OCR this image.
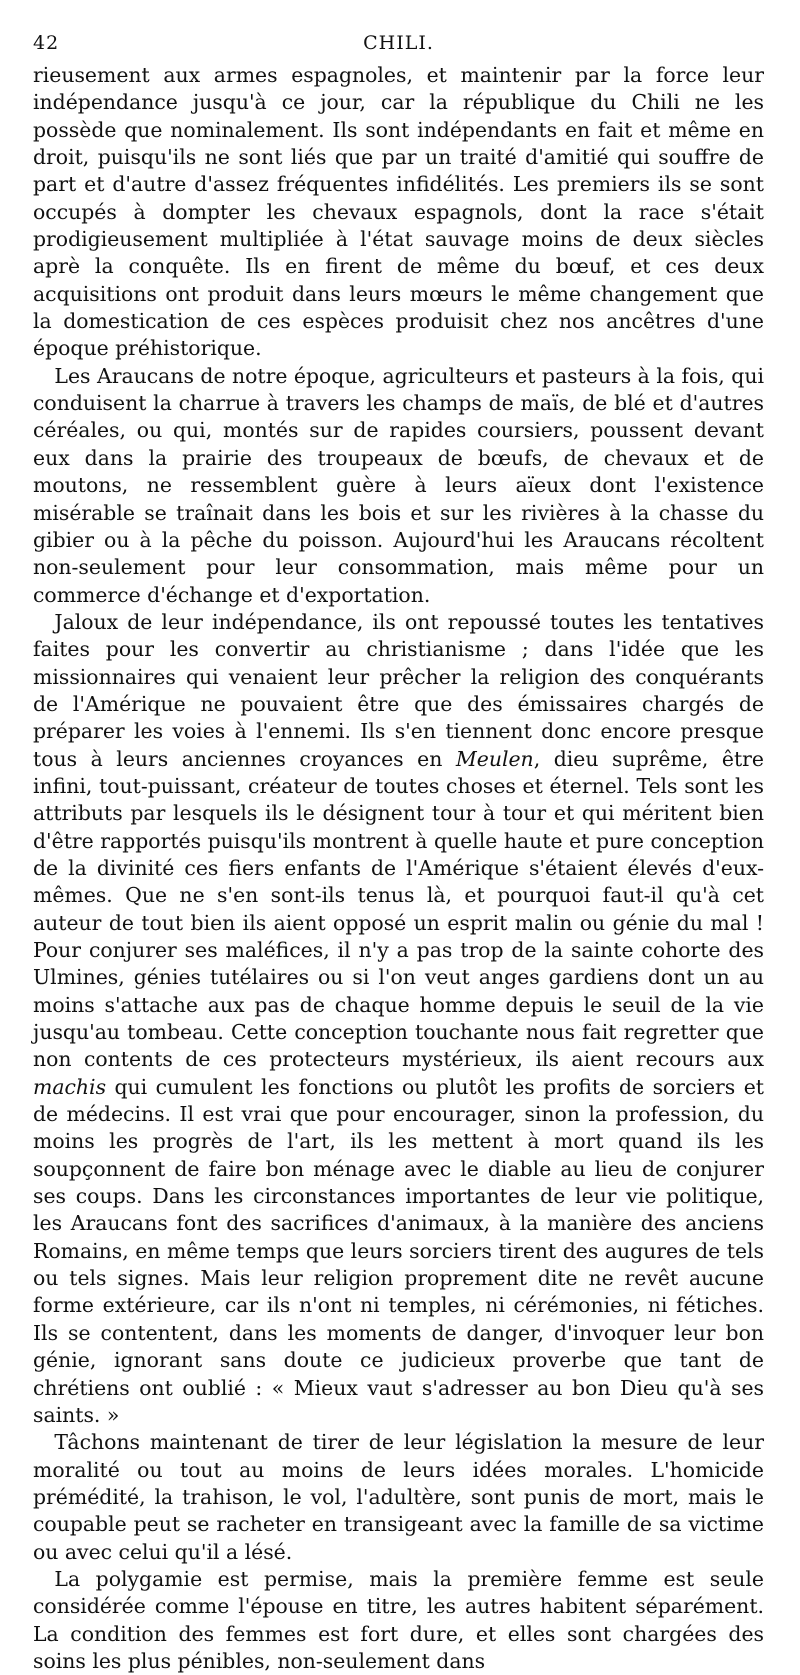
42	CHILI.

rieusement aux armes espagnoles, et maintenir par la force leur indépendance jusqu'à ce jour, car la république du Chili ne les possède que nominalement. Ils sont indépendants en fait et même en droit, puisqu'ils ne sont liés que par un traité d'amitié qui souffre de part et d'autre d'assez fréquentes infidélités. Les premiers ils se sont occupés à dompter les chevaux espagnols, dont la race s'était prodigieusement multipliée à l'état sauvage moins de deux siècles aprè la conquête. Ils en firent de même du bœuf, et ces deux acquisitions ont produit dans leurs mœurs le même changement que la domestication de ces espèces produisit chez nos ancêtres d'une époque préhistorique.

Les Araucans de notre époque, agriculteurs et pasteurs à la fois, qui conduisent la charrue à travers les champs de maïs, de blé et d'autres céréales, ou qui, montés sur de rapides coursiers, poussent devant eux dans la prairie des troupeaux de bœufs, de chevaux et de moutons, ne ressemblent guère à leurs aïeux dont l'existence misérable se traînait dans les bois et sur les rivières à la chasse du gibier ou à la pêche du poisson. Aujourd'hui les Araucans récoltent non-seulement pour leur consommation, mais même pour un commerce d'échange et d'exportation.

Jaloux de leur indépendance, ils ont repoussé toutes les tentatives faites pour les convertir au christianisme ; dans l'idée que les missionnaires qui venaient leur prêcher la religion des conquérants de l'Amérique ne pouvaient être que des émissaires chargés de préparer les voies à l'ennemi. Ils s'en tiennent donc encore presque tous à leurs anciennes croyances en Meulen, dieu suprême, être infini, tout-puissant, créateur de toutes choses et éternel. Tels sont les attributs par lesquels ils le désignent tour à tour et qui méritent bien d'être rapportés puisqu'ils montrent à quelle haute et pure conception de la divinité ces fiers enfants de l'Amérique s'étaient élevés d'eux-mêmes. Que ne s'en sont-ils tenus là, et pourquoi faut-il qu'à cet auteur de tout bien ils aient opposé un esprit malin ou génie du mal ! Pour conjurer ses maléfices, il n'y a pas trop de la sainte cohorte des Ulmines, génies tutélaires ou si l'on veut anges gardiens dont un au moins s'attache aux pas de chaque homme depuis le seuil de la vie jusqu'au tombeau. Cette conception touchante nous fait regretter que non contents de ces protecteurs mystérieux, ils aient recours aux machis qui cumulent les fonctions ou plutôt les profits de sorciers et de médecins. Il est vrai que pour encourager, sinon la profession, du moins les progrès de l'art, ils les mettent à mort quand ils les soupçonnent de faire bon ménage avec le diable au lieu de conjurer ses coups. Dans les circonstances importantes de leur vie politique, les Araucans font des sacrifices d'animaux, à la manière des anciens Romains, en même temps que leurs sorciers tirent des augures de tels ou tels signes. Mais leur religion proprement dite ne revêt aucune forme extérieure, car ils n'ont ni temples, ni cérémonies, ni fétiches. Ils se contentent, dans les moments de danger, d'invoquer leur bon génie, ignorant sans doute ce judicieux proverbe que tant de chrétiens ont oublié : « Mieux vaut s'adresser au bon Dieu qu'à ses saints. »

Tâchons maintenant de tirer de leur législation la mesure de leur moralité ou tout au moins de leurs idées morales. L'homicide prémédité, la trahison, le vol, l'adultère, sont punis de mort, mais le coupable peut se racheter en transigeant avec la famille de sa victime ou avec celui qu'il a lésé.

La polygamie est permise, mais la première femme est seule considérée comme l'épouse en titre, les autres habitent séparément. La condition des femmes est fort dure, et elles sont chargées des soins les plus pénibles, non-seulement dans
